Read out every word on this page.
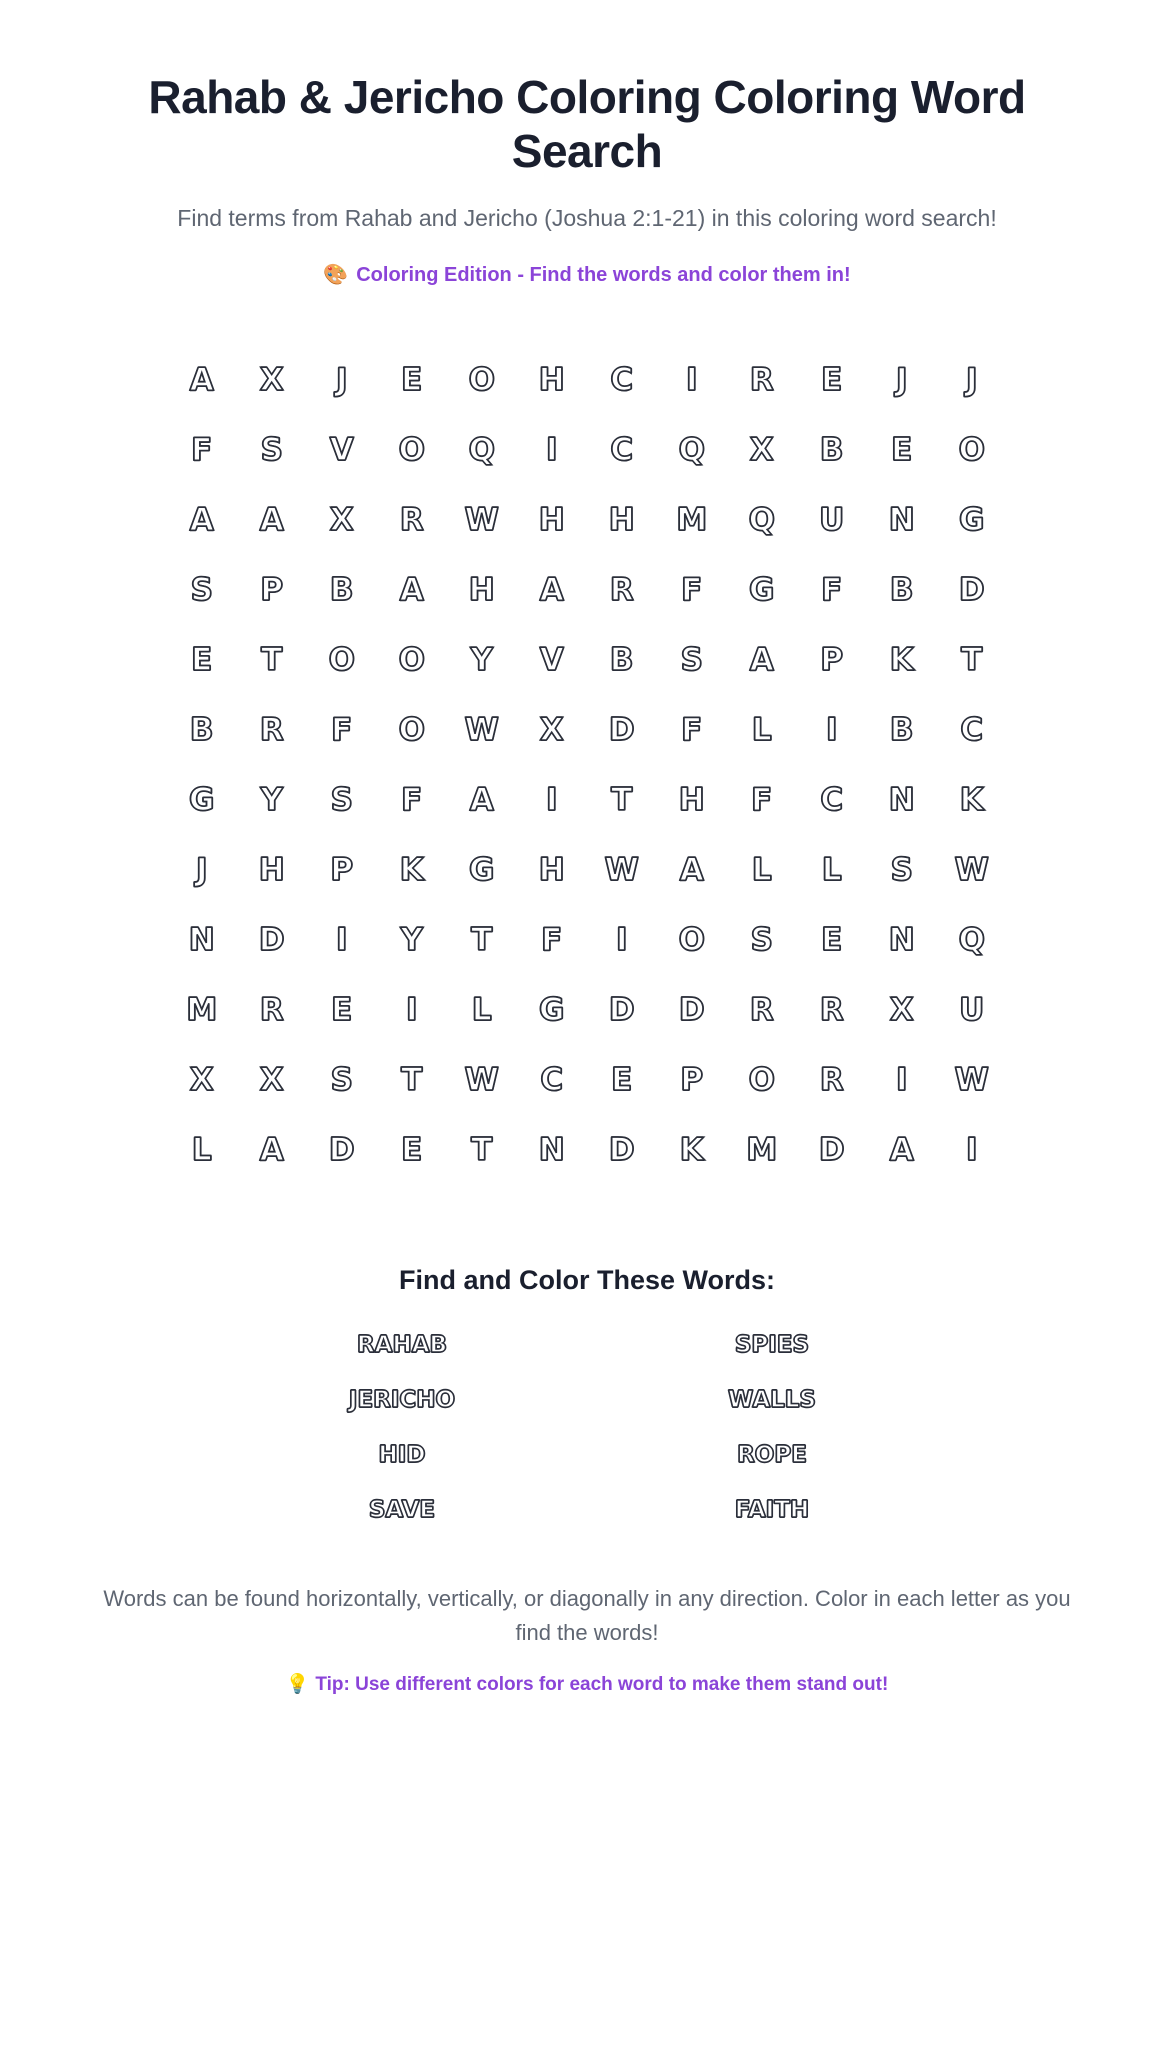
Rahab & Jericho Coloring Coloring Word Search

Find terms from Rahab and Jericho (Joshua 2:1-21) in this coloring word search!

🎨 Coloring Edition - Find the words and color them in!

A	X	J	E	O	H	C	I	R	E	J	J
F	S	V	O	Q	I	C	Q	X	B	E	O
A	A	X	R	W	H	H	M	Q	U	N	G
S	P	B	A	H	A	R	F	G	F	B	D
E	T	O	O	Y	V	B	S	A	P	K	T
B	R	F	O	W	X	D	F	L	I	B	C
G	Y	S	F	A	I	T	H	F	C	N	K
J	H	P	K	G	H	W	A	L	L	S	W
N	D	I	Y	T	F	I	O	S	E	N	Q
M	R	E	I	L	G	D	D	R	R	X	U
X	X	S	T	W	C	E	P	O	R	I	W
L	A	D	E	T	N	D	K	M	D	A	I
Find and Color These Words:
RAHAB
JERICHO
HID
SAVE
SPIES
WALLS
ROPE
FAITH

Words can be found horizontally, vertically, or diagonally in any direction. Color in each letter as you find the words!

💡 Tip: Use different colors for each word to make them stand out!
